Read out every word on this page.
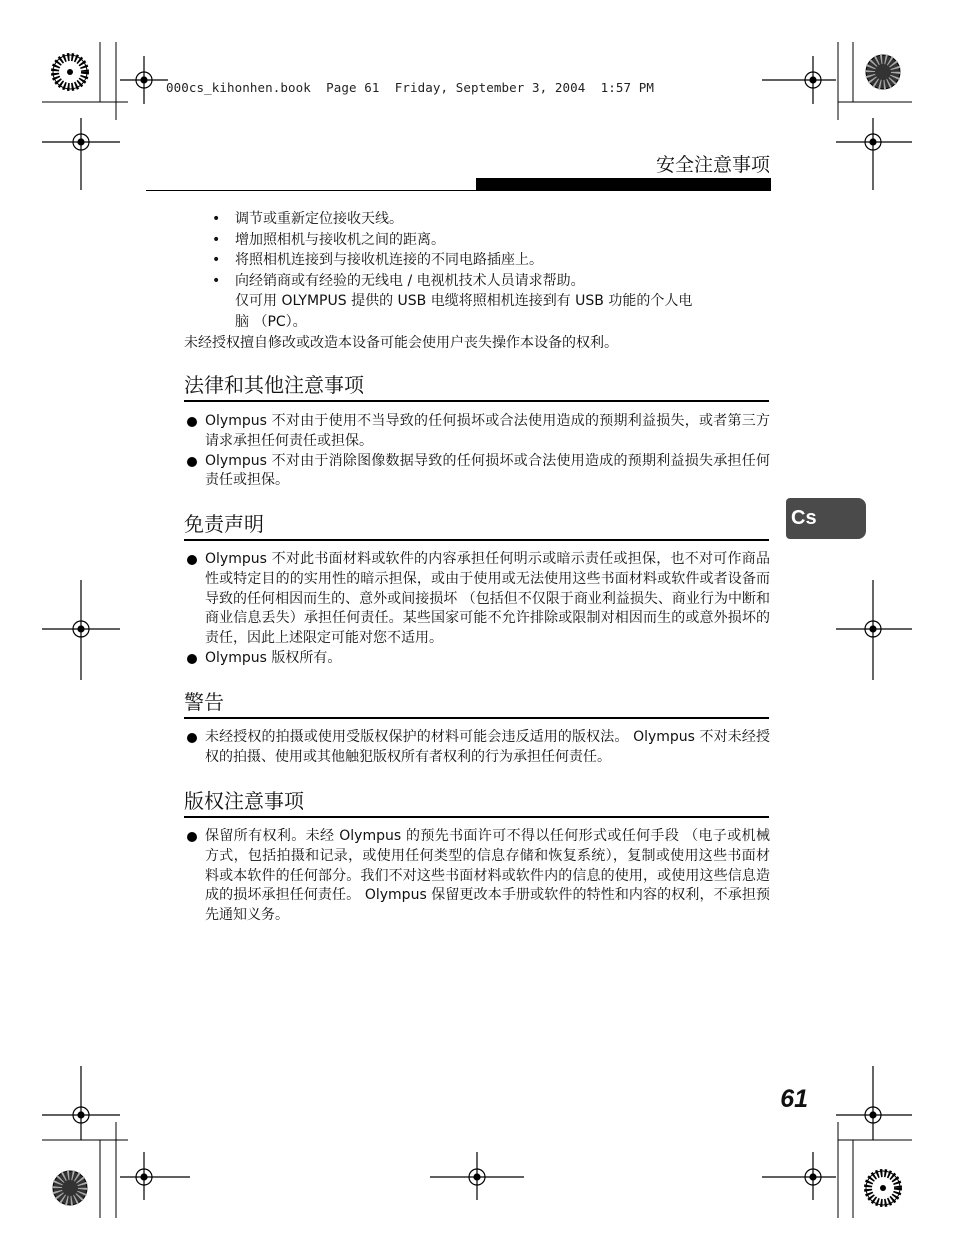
000cs_kihonhen.book  Page 61  Friday, September 3, 2004  1:57 PM
安全注意事项
• 调节或重新定位接收天线。
• 增加照相机与接收机之间的距离。
• 将照相机连接到与接收机连接的不同电路插座上。
• 向经销商或有经验的无线电 / 电视机技术人员请求帮助。
仅可用 OLYMPUS 提供的 USB 电缆将照相机连接到有 USB 功能的个人电
脑 （PC）。
未经授权擅自修改或改造本设备可能会使用户丧失操作本设备的权利。
法律和其他注意事项
Olympus 不对由于使用不当导致的任何损坏或合法使用造成的预期利益损失，或者第三方请求承担任何责任或担保。
Olympus 不对由于消除图像数据导致的任何损坏或合法使用造成的预期利益损失承担任何责任或担保。
免责声明
Olympus 不对此书面材料或软件的内容承担任何明示或暗示责任或担保，也不对可作商品性或特定目的的实用性的暗示担保，或由于使用或无法使用这些书面材料或软件或者设备而导致的任何相因而生的、意外或间接损坏 （包括但不仅限于商业利益损失、商业行为中断和商业信息丢失）承担任何责任。某些国家可能不允许排除或限制对相因而生的或意外损坏的责任，因此上述限定可能对您不适用。
Olympus 版权所有。
警告
未经授权的拍摄或使用受版权保护的材料可能会违反适用的版权法。 Olympus 不对未经授权的拍摄、使用或其他触犯版权所有者权利的行为承担任何责任。
版权注意事项
保留所有权利。未经 Olympus 的预先书面许可不得以任何形式或任何手段 （电子或机械方式，包括拍摄和记录，或使用任何类型的信息存储和恢复系统），复制或使用这些书面材料或本软件的任何部分。我们不对这些书面材料或软件内的信息的使用，或使用这些信息造成的损坏承担任何责任。 Olympus 保留更改本手册或软件的特性和内容的权利，不承担预先通知义务。
Cs
61
